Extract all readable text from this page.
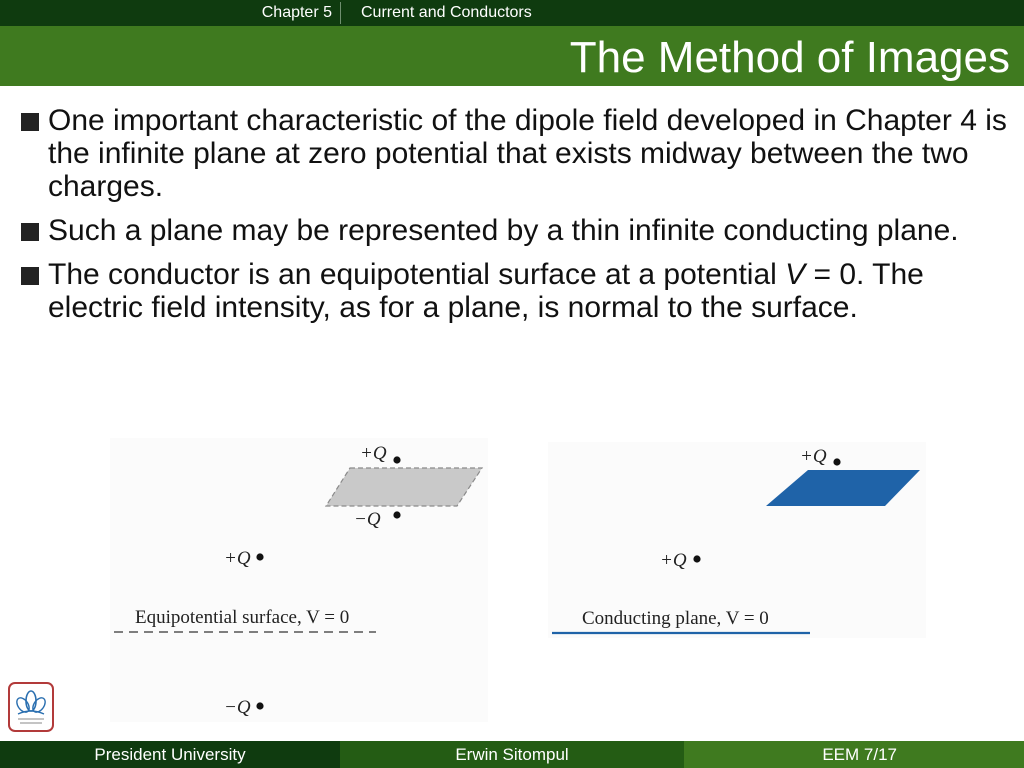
Chapter 5	Current and Conductors
The Method of Images
One important characteristic of the dipole field developed in Chapter 4 is the infinite plane at zero potential that exists midway between the two charges.
Such a plane may be represented by a thin infinite conducting plane.
The conductor is an equipotential surface at a potential V = 0. The electric field intensity, as for a plane, is normal to the surface.
+Q
−Q
+Q
Equipotential surface, V = 0
−Q
+Q
+Q
Conducting plane, V = 0
President University	Erwin Sitompul	EEM 7/17
